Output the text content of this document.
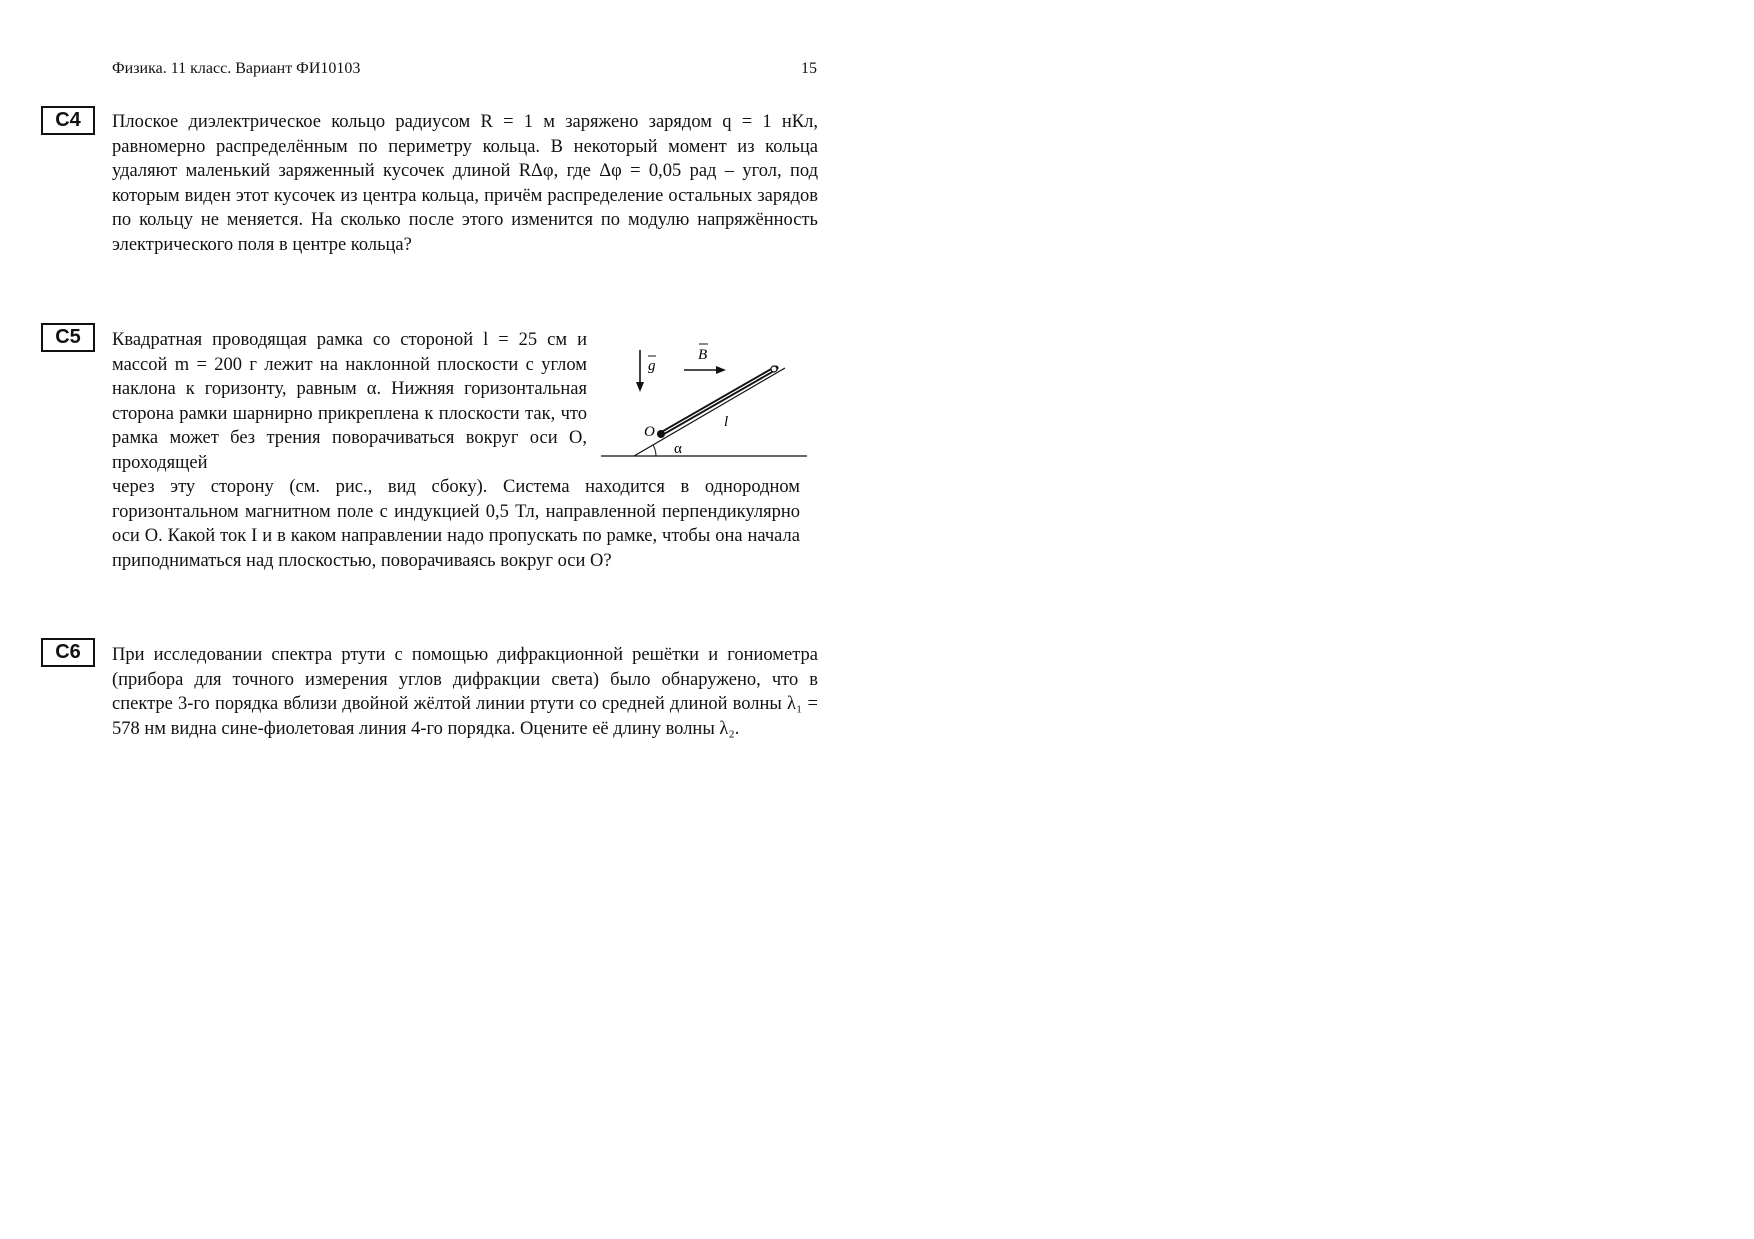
Физика. 11 класс. Вариант ФИ10103	15
C4	Плоское диэлектрическое кольцо радиусом R = 1 м заряжено зарядом q = 1 нКл, равномерно распределённым по периметру кольца. В некоторый момент из кольца удаляют маленький заряженный кусочек длиной RΔφ, где Δφ = 0,05 рад – угол, под которым виден этот кусочек из центра кольца, причём распределение остальных зарядов по кольцу не меняется. На сколько после этого изменится по модулю напряжённость электрического поля в центре кольца?

C5	Квадратная проводящая рамка со стороной l = 25 см и массой m = 200 г лежит на наклонной плоскости с углом наклона к горизонту, равным α. Нижняя горизонтальная сторона рамки шарнирно прикреплена к плоскости так, что рамка может без трения поворачиваться вокруг оси O, проходящей

через эту сторону (см. рис., вид сбоку). Система находится в однородном горизонтальном магнитном поле с индукцией 0,5 Тл, направленной перпендикулярно оси O. Какой ток I и в каком направлении надо пропускать по рамке, чтобы она начала приподниматься над плоскостью, поворачиваясь вокруг оси O?

g
B
O
l
α
C6	При исследовании спектра ртути с помощью дифракционной решётки и гониометра (прибора для точного измерения углов дифракции света) было обнаружено, что в спектре 3-го порядка вблизи двойной жёлтой линии ртути со средней длиной волны λ₁ = 578 нм видна сине-фиолетовая линия 4-го порядка. Оцените её длину волны λ₂.
